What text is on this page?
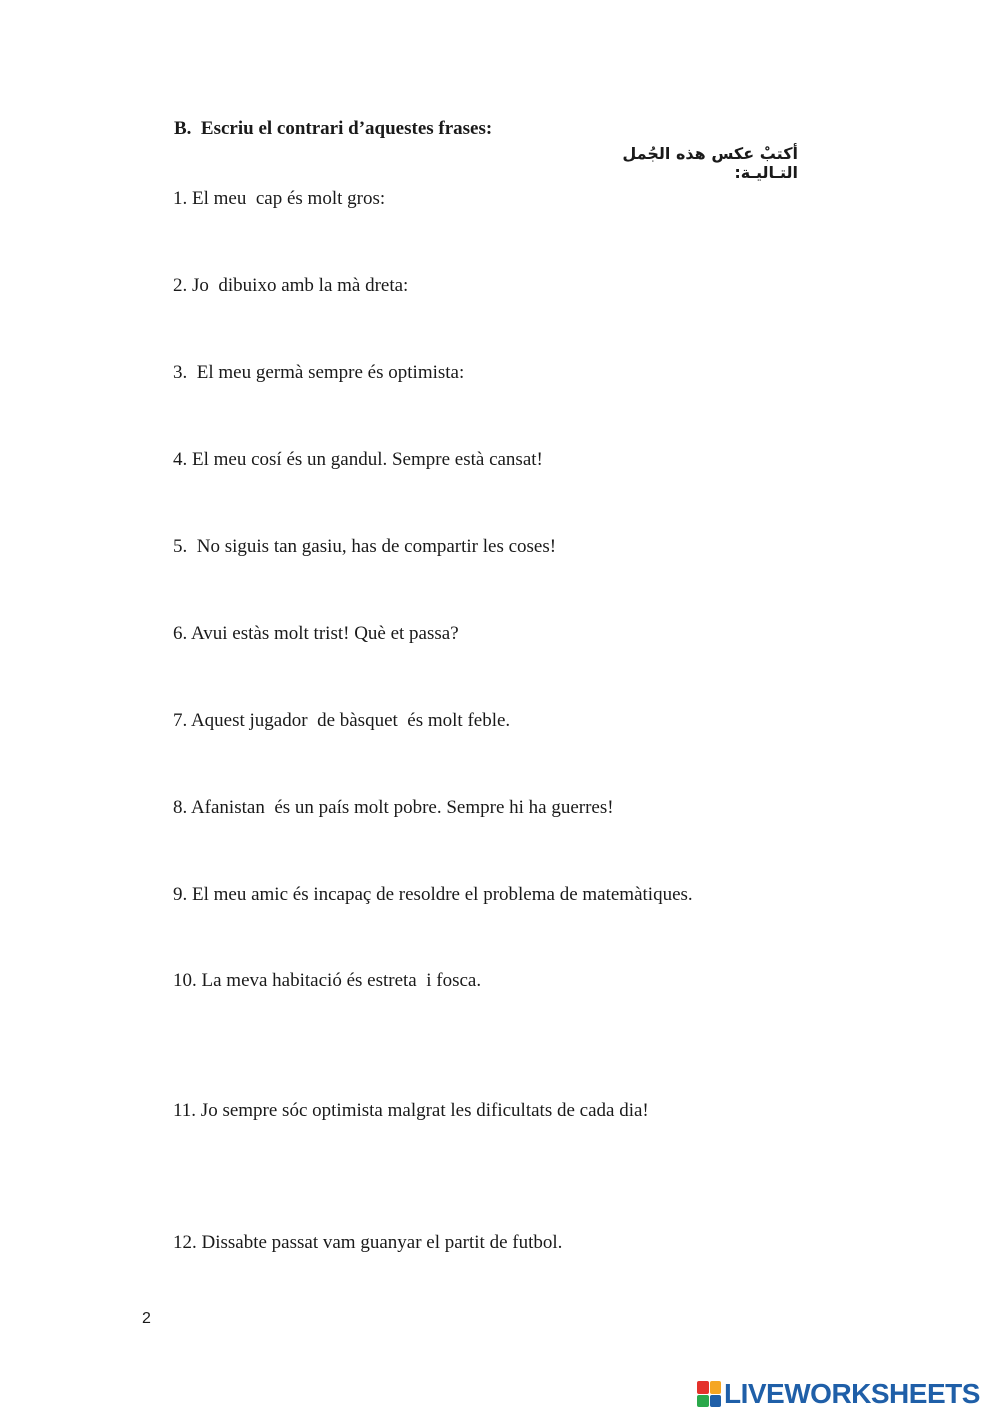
B.  Escriu el contrari d’aquestes frases:
أكتبْ عكس هذه الجُمل التـاليـة:
1. El meu  cap és molt gros:
2. Jo  dibuixo amb la mà dreta:
3.  El meu germà sempre és optimista:
4. El meu cosí és un gandul. Sempre està cansat!
5.  No siguis tan gasiu, has de compartir les coses!
6. Avui estàs molt trist! Què et passa?
7. Aquest jugador  de bàsquet  és molt feble.
8. Afanistan  és un país molt pobre. Sempre hi ha guerres!
9. El meu amic és incapaç de resoldre el problema de matemàtiques.
10. La meva habitació és estreta  i fosca.
11. Jo sempre sóc optimista malgrat les dificultats de cada dia!
12. Dissabte passat vam guanyar el partit de futbol.
2
LIVEWORKSHEETS
